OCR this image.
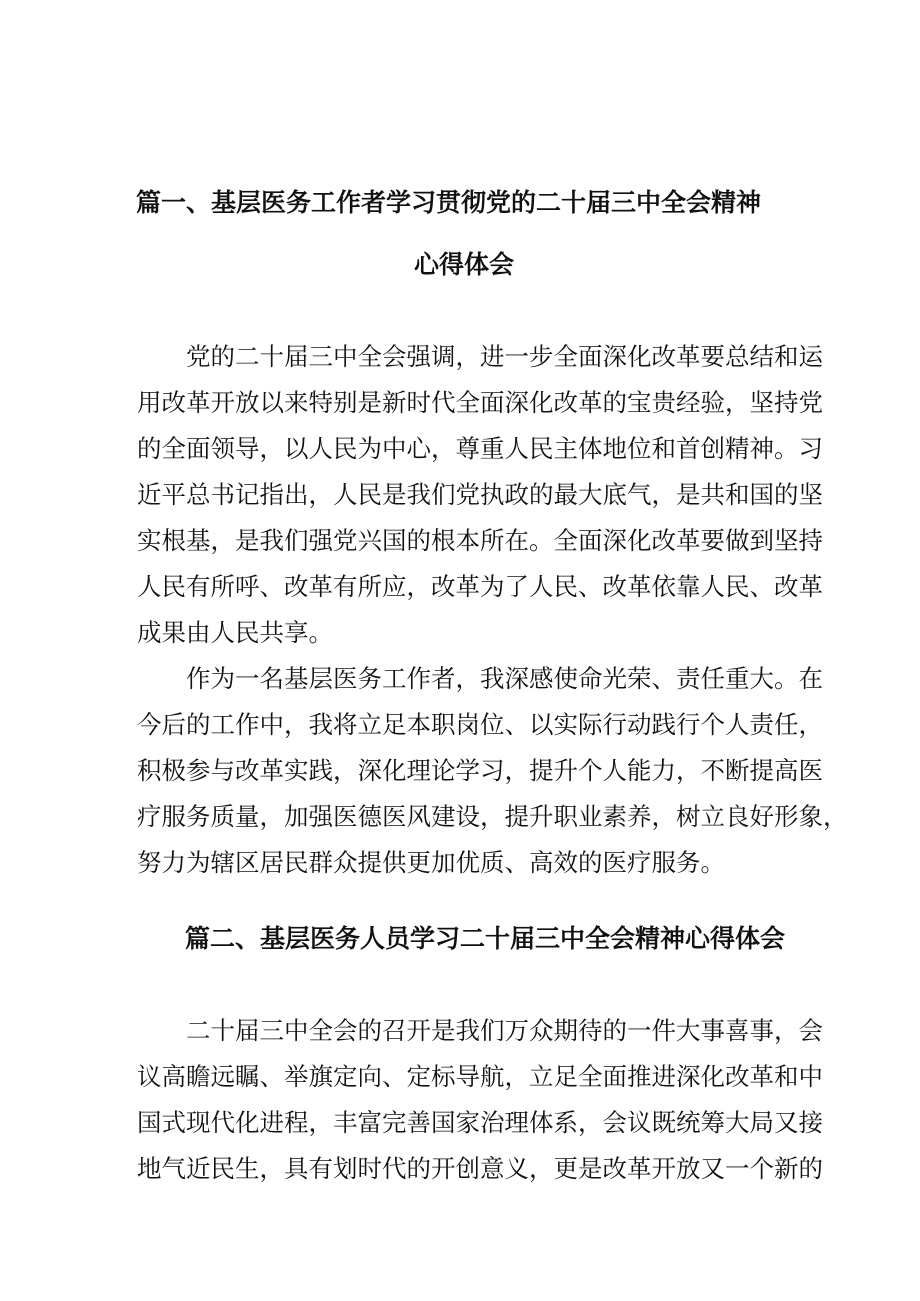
篇一、基层医务工作者学习贯彻党的二十届三中全会精神
心得体会

党的二十届三中全会强调，进一步全面深化改革要总结和运

用改革开放以来特别是新时代全面深化改革的宝贵经验，坚持党

的全面领导，以人民为中心，尊重人民主体地位和首创精神。习

近平总书记指出，人民是我们党执政的最大底气，是共和国的坚

实根基，是我们强党兴国的根本所在。全面深化改革要做到坚持

人民有所呼、改革有所应，改革为了人民、改革依靠人民、改革

成果由人民共享。

作为一名基层医务工作者，我深感使命光荣、责任重大。在

今后的工作中，我将立足本职岗位、以实际行动践行个人责任，

积极参与改革实践，深化理论学习，提升个人能力，不断提高医

疗服务质量，加强医德医风建设，提升职业素养，树立良好形象，

努力为辖区居民群众提供更加优质、高效的医疗服务。

篇二、基层医务人员学习二十届三中全会精神心得体会

二十届三中全会的召开是我们万众期待的一件大事喜事，会

议高瞻远瞩、举旗定向、定标导航，立足全面推进深化改革和中

国式现代化进程，丰富完善国家治理体系，会议既统筹大局又接

地气近民生，具有划时代的开创意义，更是改革开放又一个新的
